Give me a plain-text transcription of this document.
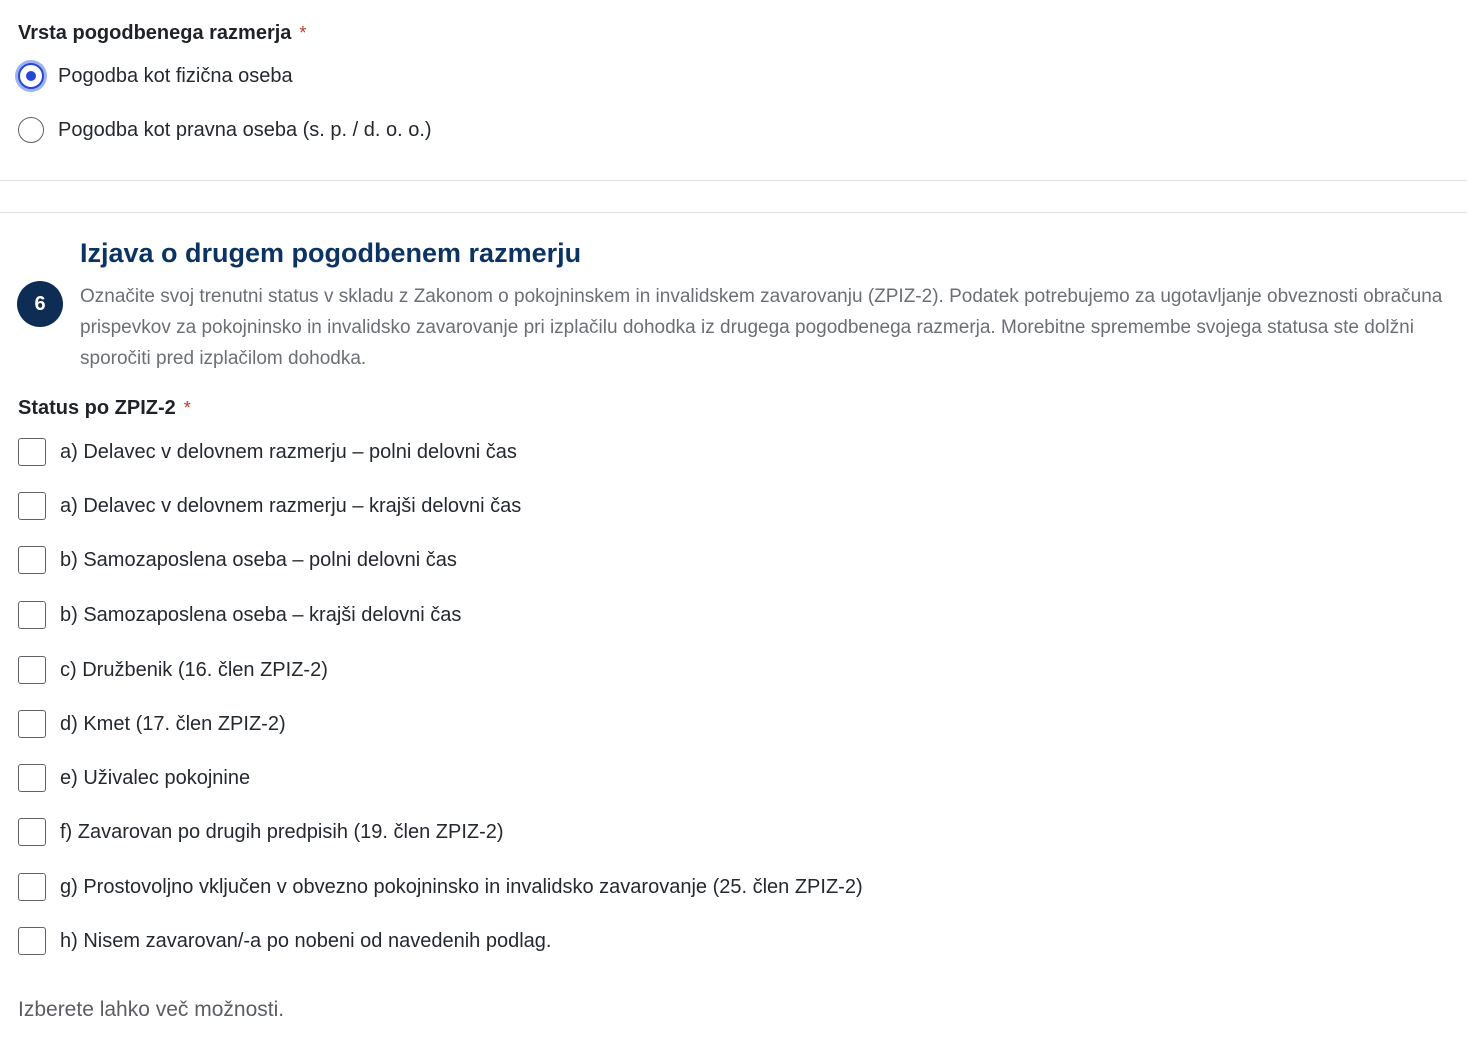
Vrsta pogodbenega razmerja *
Pogodba kot fizična oseba
Pogodba kot pravna oseba (s. p. / d. o. o.)
6
Izjava o drugem pogodbenem razmerju
Označite svoj trenutni status v skladu z Zakonom o pokojninskem in invalidskem zavarovanju (ZPIZ-2). Podatek potrebujemo za ugotavljanje obveznosti obračuna prispevkov za pokojninsko in invalidsko zavarovanje pri izplačilu dohodka iz drugega pogodbenega razmerja. Morebitne spremembe svojega statusa ste dolžni sporočiti pred izplačilom dohodka.
Status po ZPIZ-2 *
a) Delavec v delovnem razmerju – polni delovni čas
a) Delavec v delovnem razmerju – krajši delovni čas
b) Samozaposlena oseba – polni delovni čas
b) Samozaposlena oseba – krajši delovni čas
c) Družbenik (16. člen ZPIZ-2)
d) Kmet (17. člen ZPIZ-2)
e) Uživalec pokojnine
f) Zavarovan po drugih predpisih (19. člen ZPIZ-2)
g) Prostovoljno vključen v obvezno pokojninsko in invalidsko zavarovanje (25. člen ZPIZ-2)
h) Nisem zavarovan/-a po nobeni od navedenih podlag.
Izberete lahko več možnosti.
